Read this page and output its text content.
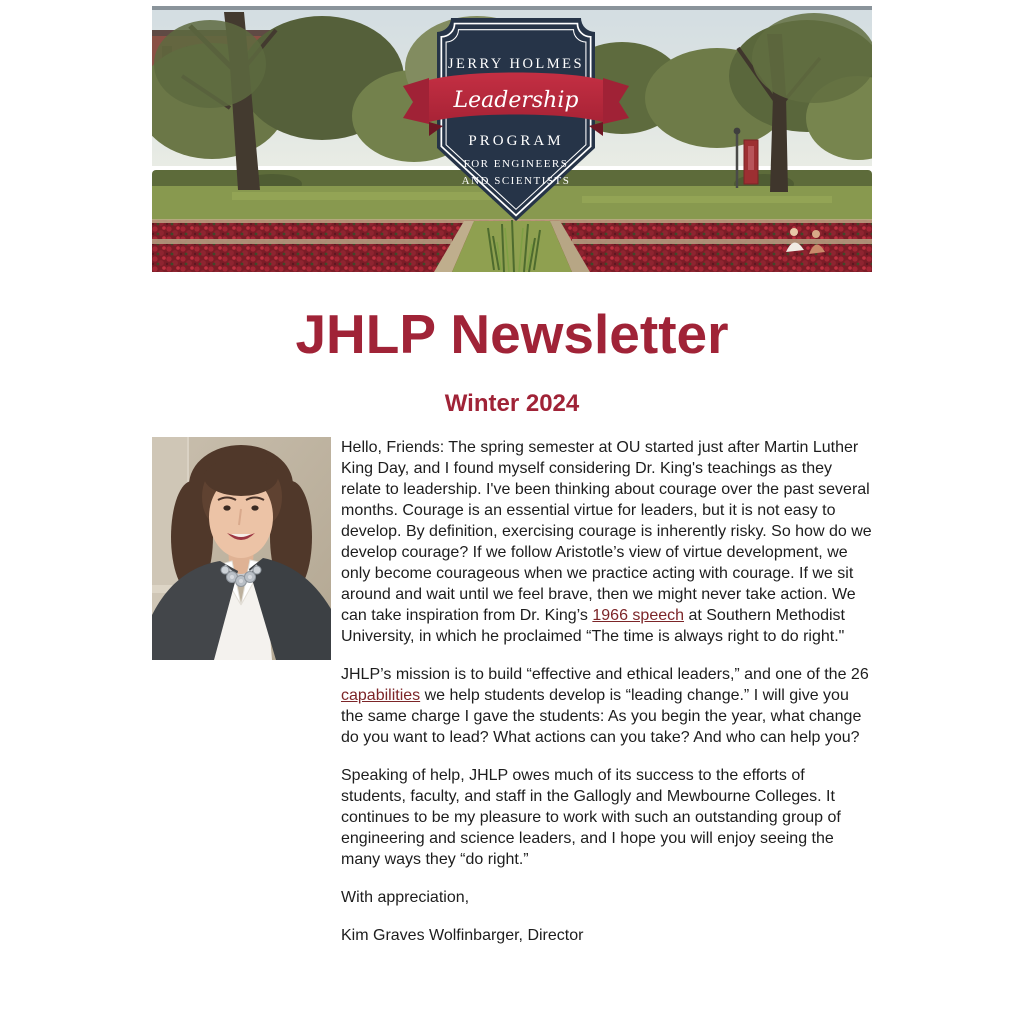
JERRY HOLMES
Leadership
PROGRAM
FOR ENGINEERS
AND SCIENTISTS
JHLP Newsletter
Winter 2024

Hello, Friends: The spring semester at OU started just after Martin Luther King Day, and I found myself considering Dr. King's teachings as they relate to leadership. I've been thinking about courage over the past several months. Courage is an essential virtue for leaders, but it is not easy to develop. By definition, exercising courage is inherently risky. So how do we develop courage? If we follow Aristotle’s view of virtue development, we only become courageous when we practice acting with courage. If we sit around and wait until we feel brave, then we might never take action. We can take inspiration from Dr. King’s 1966 speech at Southern Methodist University, in which he proclaimed “The time is always right to do right."

JHLP’s mission is to build “effective and ethical leaders,” and one of the 26 capabilities we help students develop is “leading change.” I will give you the same charge I gave the students: As you begin the year, what change do you want to lead? What actions can you take? And who can help you?

Speaking of help, JHLP owes much of its success to the efforts of students, faculty, and staff in the Gallogly and Mewbourne Colleges. It continues to be my pleasure to work with such an outstanding group of engineering and science leaders, and I hope you will enjoy seeing the many ways they “do right.”

With appreciation,

Kim Graves Wolfinbarger, Director
